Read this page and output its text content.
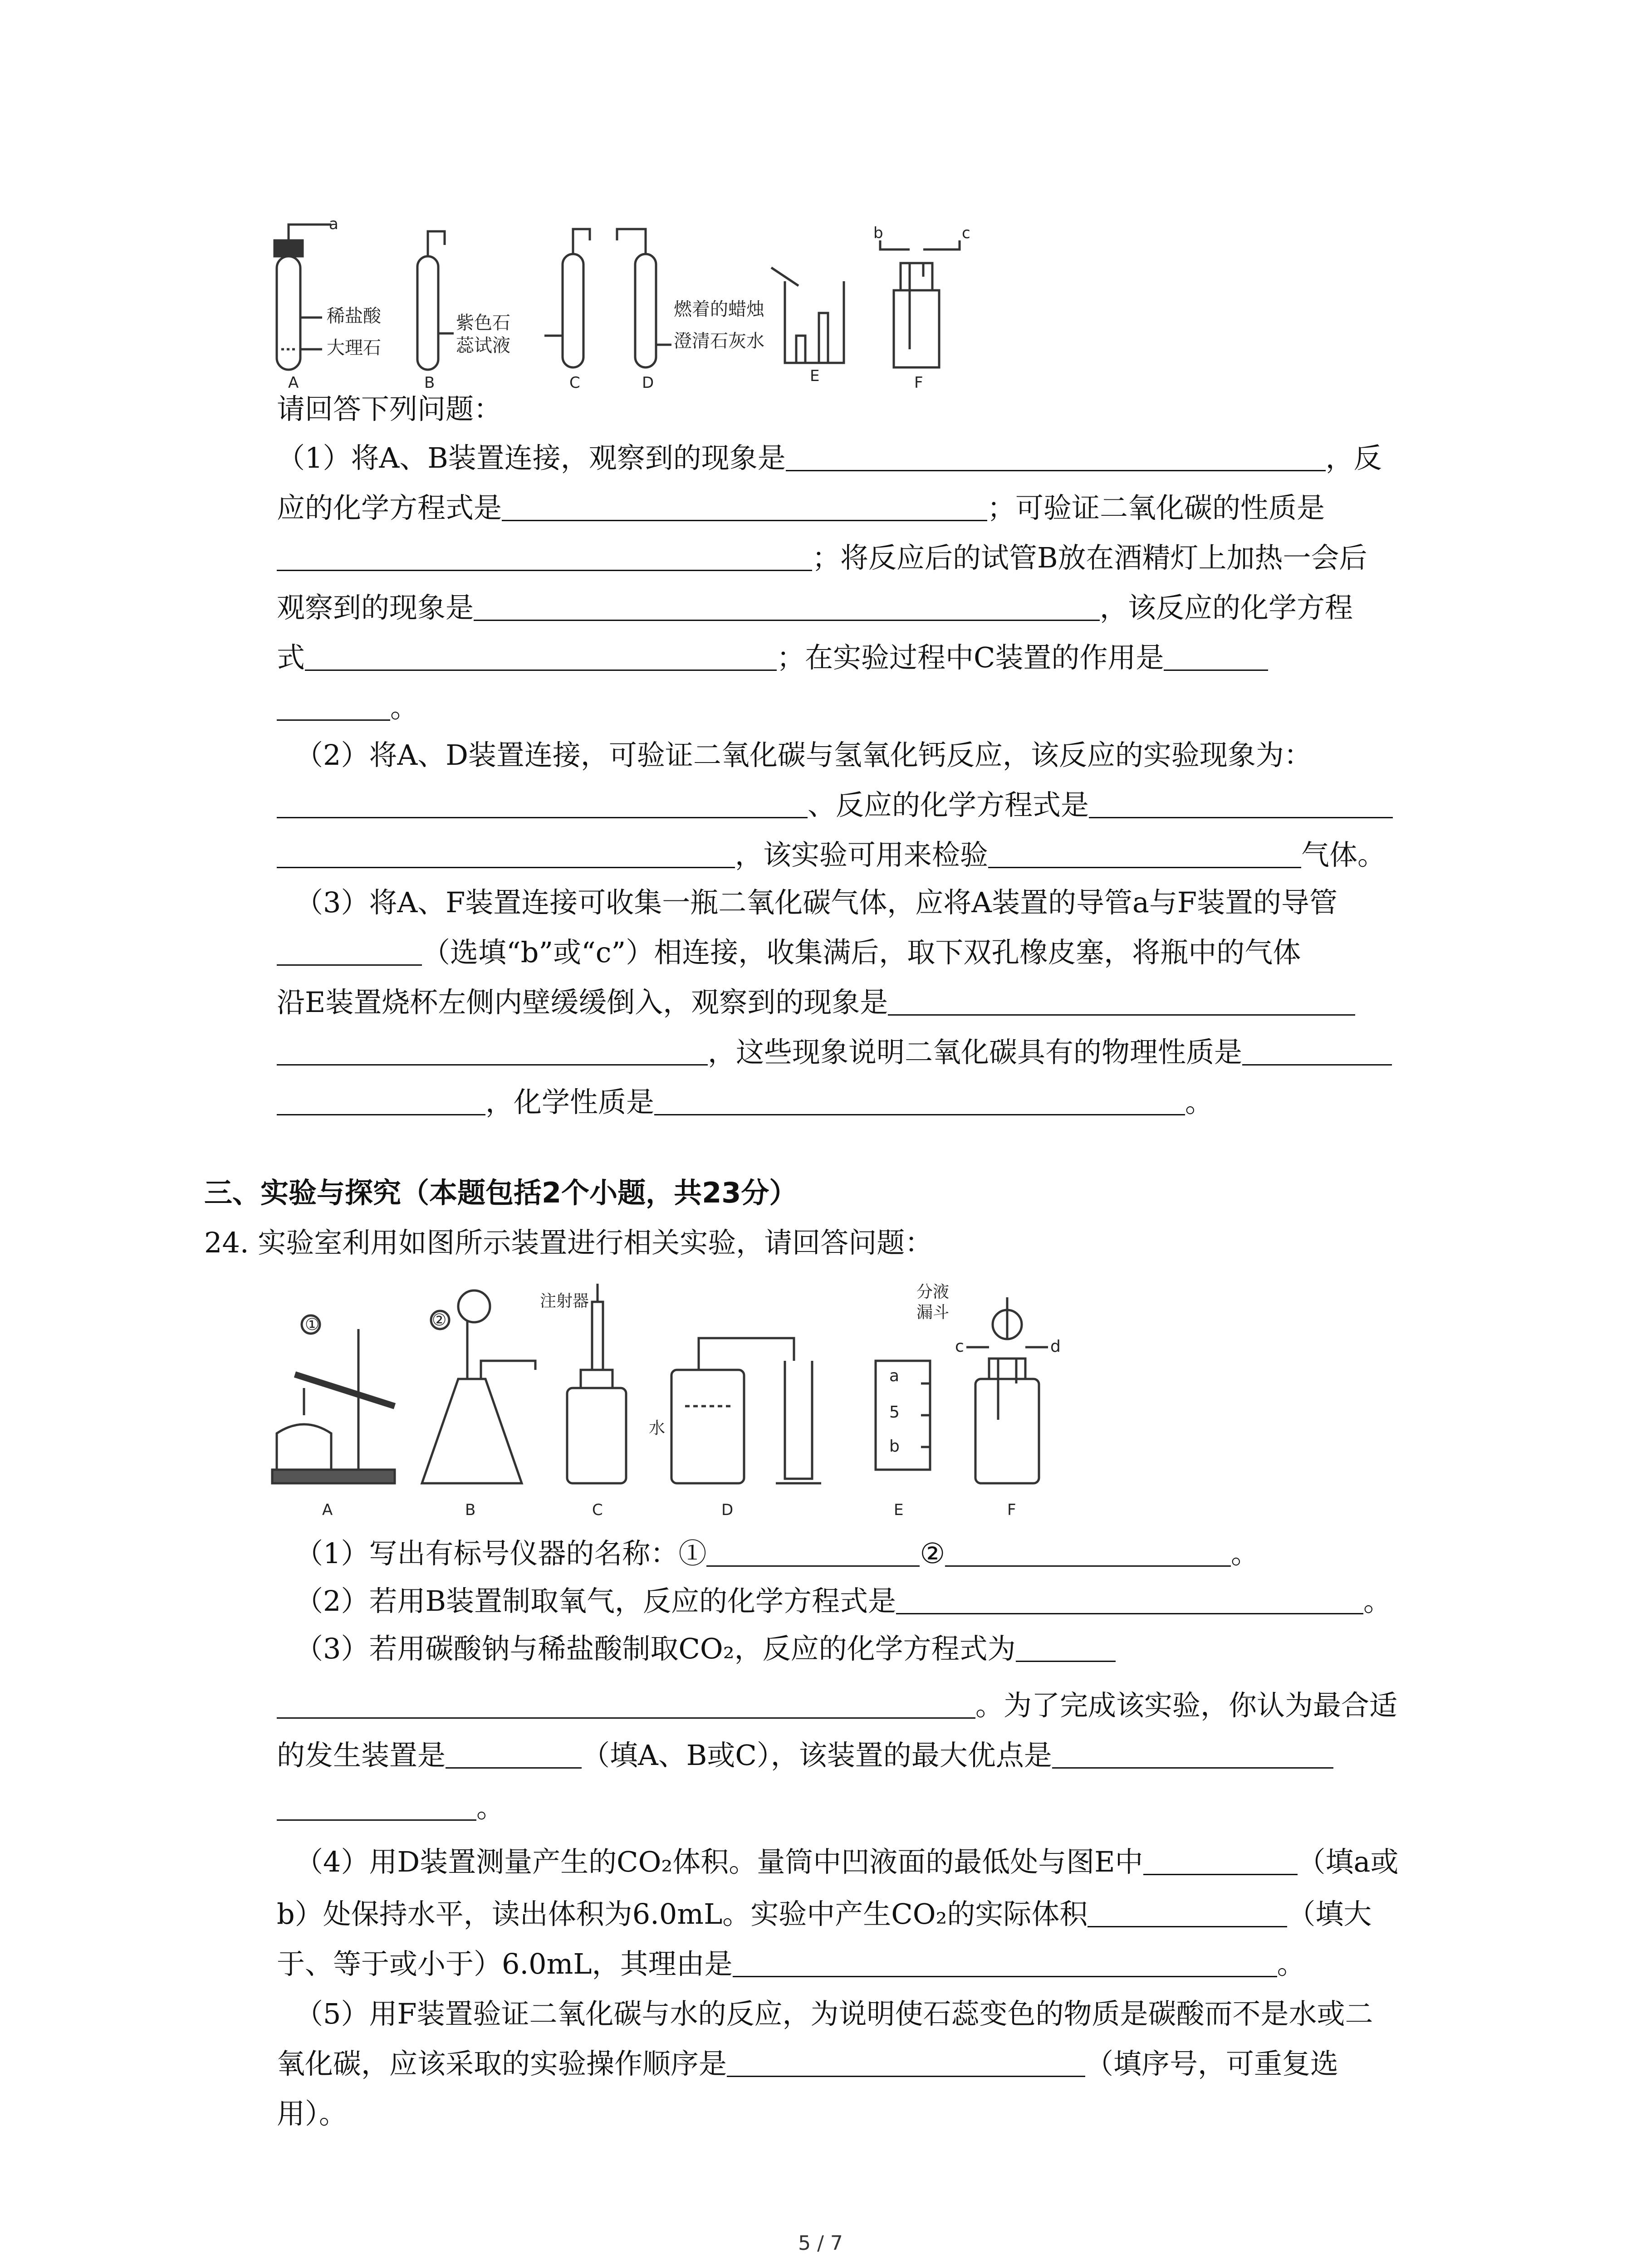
a
稀盐酸
大理石
紫色石
蕊试液
燃着的蜡烛
澄清石灰水
b	c
A	B	C	D	E	F
请回答下列问题：
（1）将A、B装置连接，观察到的现象是	，反
应的化学方程式是	；可验证二氧化碳的性质是
；将反应后的试管B放在酒精灯上加热一会后
观察到的现象是	，该反应的化学方程
式	；在实验过程中C装置的作用是
。
（2）将A、D装置连接，可验证二氧化碳与氢氧化钙反应，该反应的实验现象为：
、反应的化学方程式是
，该实验可用来检验	气体。
（3）将A、F装置连接可收集一瓶二氧化碳气体，应将A装置的导管a与F装置的导管
（选填“b”或“c”）相连接，收集满后，取下双孔橡皮塞，将瓶中的气体
沿E装置烧杯左侧内壁缓缓倒入，观察到的现象是
，这些现象说明二氧化碳具有的物理性质是
，化学性质是	。
三、实验与探究（本题包括2个小题，共23分）
24. 实验室利用如图所示装置进行相关实验，请回答问题：
①	②
注射器
水
分液
漏斗
a
5
b
c	d
A	B	C	D	E	F
（1）写出有标号仪器的名称：①	②	。
（2）若用B装置制取氧气，反应的化学方程式是	。
（3）若用碳酸钠与稀盐酸制取CO₂，反应的化学方程式为
。为了完成该实验，你认为最合适
的发生装置是	（填A、B或C），该装置的最大优点是
。
（4）用D装置测量产生的CO₂体积。量筒中凹液面的最低处与图E中	（填a或
b）处保持水平，读出体积为6.0mL。实验中产生CO₂的实际体积	（填大
于、等于或小于）6.0mL，其理由是	。
（5）用F装置验证二氧化碳与水的反应，为说明使石蕊变色的物质是碳酸而不是水或二
氧化碳，应该采取的实验操作顺序是	（填序号，可重复选
用）。
5 / 7
